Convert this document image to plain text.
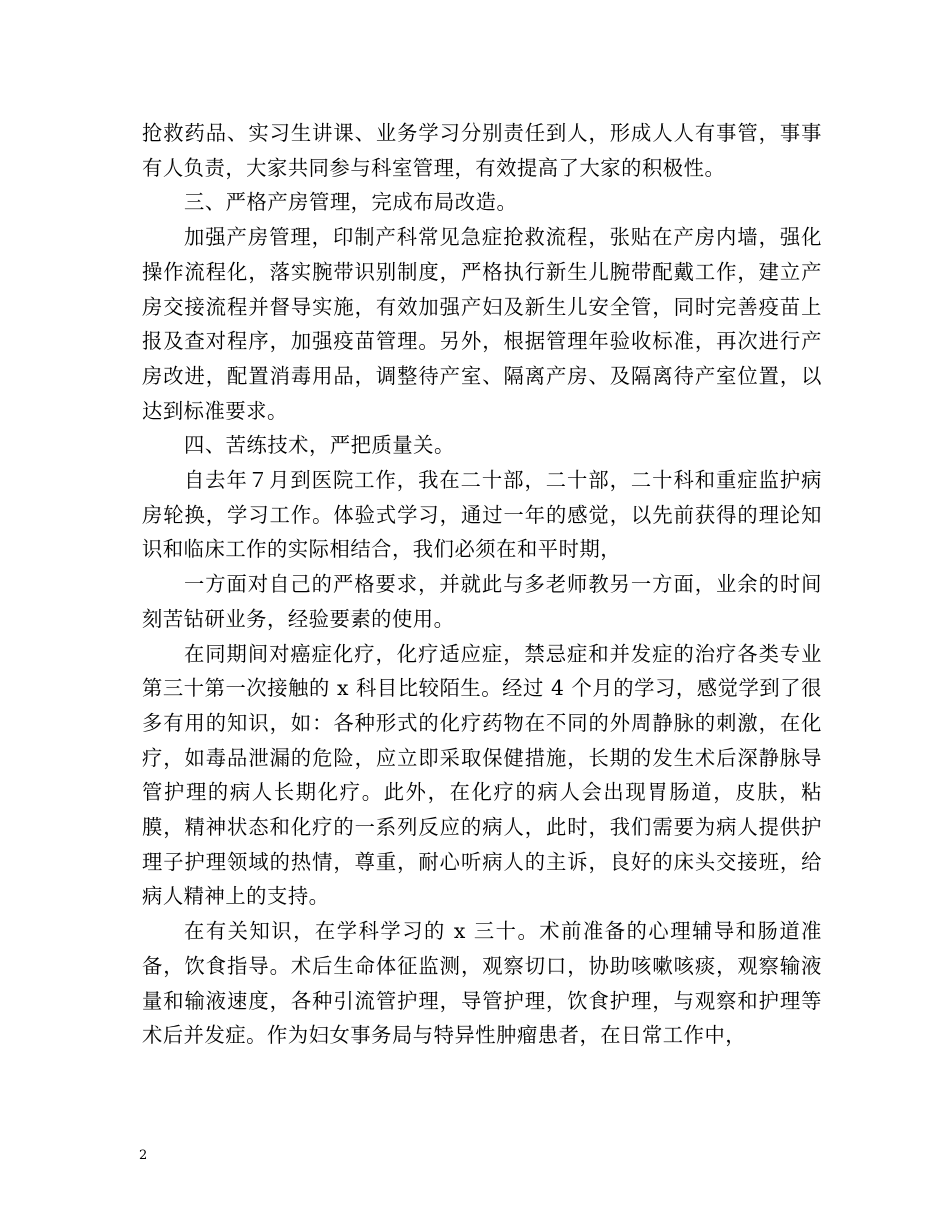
抢救药品、实习生讲课、业务学习分别责任到人，形成人人有事管，事事有人负责，大家共同参与科室管理，有效提高了大家的积极性。

三、严格产房管理，完成布局改造。

加强产房管理，印制产科常见急症抢救流程，张贴在产房内墙，强化操作流程化，落实腕带识别制度，严格执行新生儿腕带配戴工作，建立产房交接流程并督导实施，有效加强产妇及新生儿安全管，同时完善疫苗上报及查对程序，加强疫苗管理。另外，根据管理年验收标准，再次进行产房改进，配置消毒用品，调整待产室、隔离产房、及隔离待产室位置，以达到标准要求。

四、苦练技术，严把质量关。

自去年７月到医院工作，我在二十部，二十部，二十科和重症监护病房轮换，学习工作。体验式学习，通过一年的感觉，以先前获得的理论知识和临床工作的实际相结合，我们必须在和平时期，

一方面对自己的严格要求，并就此与多老师教另一方面，业余的时间刻苦钻研业务，经验要素的使用。

在同期间对癌症化疗，化疗适应症，禁忌症和并发症的治疗各类专业第三十第一次接触的 x 科目比较陌生。经过 4 个月的学习，感觉学到了很多有用的知识，如：各种形式的化疗药物在不同的外周静脉的刺激，在化疗，如毒品泄漏的危险，应立即采取保健措施，长期的发生术后深静脉导管护理的病人长期化疗。此外，在化疗的病人会出现胃肠道，皮肤，粘膜，精神状态和化疗的一系列反应的病人，此时，我们需要为病人提供护理子护理领域的热情，尊重，耐心听病人的主诉，良好的床头交接班，给病人精神上的支持。

在有关知识，在学科学习的 x 三十。术前准备的心理辅导和肠道准备，饮食指导。术后生命体征监测，观察切口，协助咳嗽咳痰，观察输液量和输液速度，各种引流管护理，导管护理，饮食护理，与观察和护理等术后并发症。作为妇女事务局与特异性肿瘤患者，在日常工作中，

2
